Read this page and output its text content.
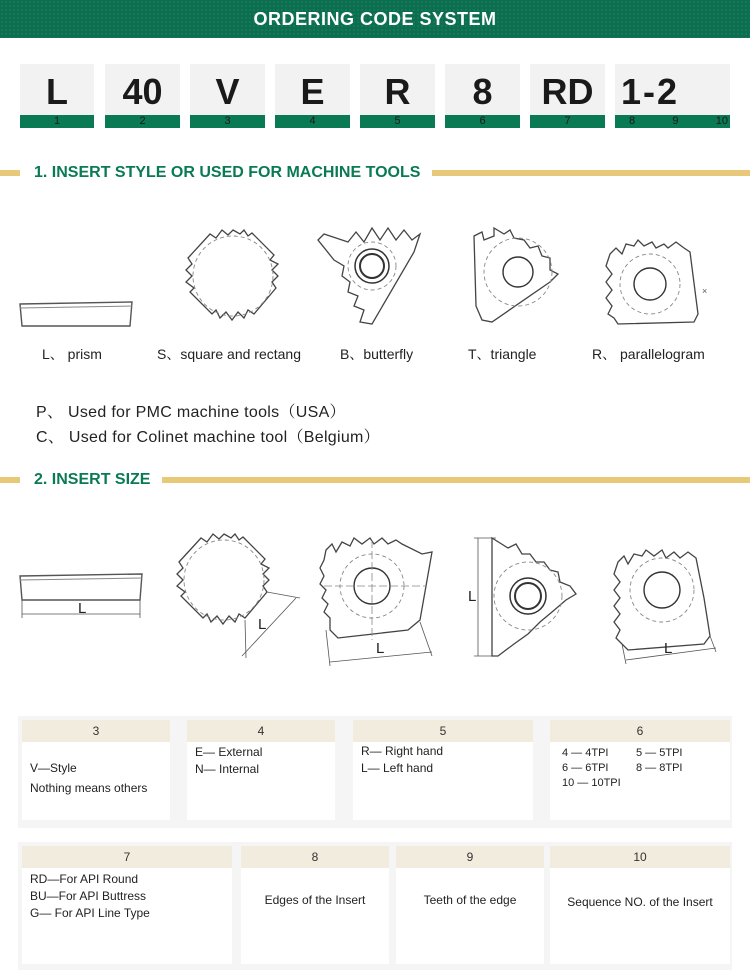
ORDERING CODE SYSTEM
L
1
40
2
V
3
E
4
R
5
8
6
RD
7
1-2
8	9	10
1. INSERT STYLE OR USED FOR MACHINE TOOLS
L、 prism	S、square and rectang	B、butterfly	T、triangle
×
R、 parallelogram
P、 Used for PMC machine tools（USA）
C、 Used for Colinet machine tool（Belgium）
2. INSERT SIZE
L
L
L
L
L
3
V—Style
Nothing means others
4
E— External
N— Internal
5
R— Right hand
L— Left hand
6
4 — 4TPI	5 — 5TPI
6 — 6TPI	8 — 8TPI
10 — 10TPI
7
RD—For API Round
BU—For API Buttress
G— For API Line Type
8
Edges of the Insert
9
Teeth of the edge
10
Sequence NO. of the Insert
